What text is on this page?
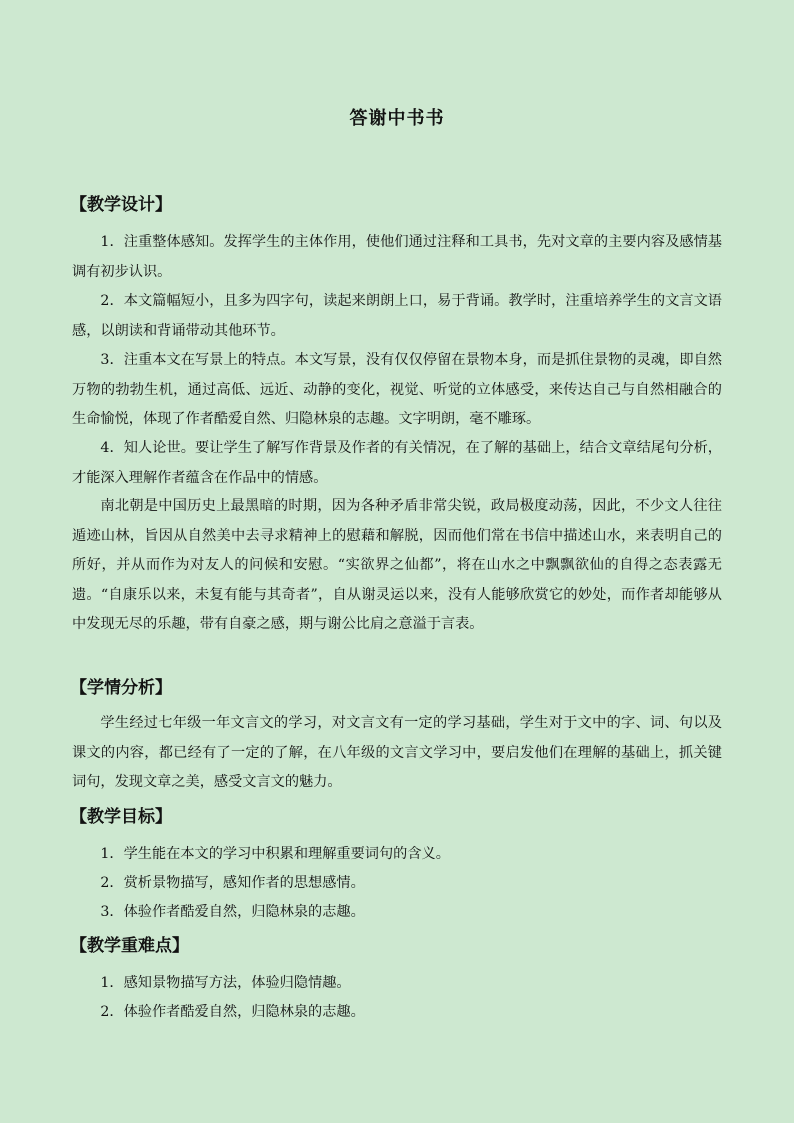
答谢中书书
【教学设计】

1．注重整体感知。发挥学生的主体作用，使他们通过注释和工具书，先对文章的主要内容及感情基调有初步认识。

2．本文篇幅短小，且多为四字句，读起来朗朗上口，易于背诵。教学时，注重培养学生的文言文语感，以朗读和背诵带动其他环节。

3．注重本文在写景上的特点。本文写景，没有仅仅停留在景物本身，而是抓住景物的灵魂，即自然万物的勃勃生机，通过高低、远近、动静的变化，视觉、听觉的立体感受，来传达自己与自然相融合的生命愉悦，体现了作者酷爱自然、归隐林泉的志趣。文字明朗，毫不雕琢。

4．知人论世。要让学生了解写作背景及作者的有关情况，在了解的基础上，结合文章结尾句分析，才能深入理解作者蕴含在作品中的情感。

南北朝是中国历史上最黑暗的时期，因为各种矛盾非常尖锐，政局极度动荡，因此，不少文人往往遁迹山林，旨因从自然美中去寻求精神上的慰藉和解脱，因而他们常在书信中描述山水，来表明自己的所好，并从而作为对友人的问候和安慰。“实欲界之仙都”，将在山水之中飘飘欲仙的自得之态表露无遗。“自康乐以来，未复有能与其奇者”，自从谢灵运以来，没有人能够欣赏它的妙处，而作者却能够从中发现无尽的乐趣，带有自豪之感，期与谢公比肩之意溢于言表。

【学情分析】

学生经过七年级一年文言文的学习，对文言文有一定的学习基础，学生对于文中的字、词、句以及课文的内容，都已经有了一定的了解，在八年级的文言文学习中，要启发他们在理解的基础上，抓关键词句，发现文章之美，感受文言文的魅力。

【教学目标】

1．学生能在本文的学习中积累和理解重要词句的含义。

2．赏析景物描写，感知作者的思想感情。

3．体验作者酷爱自然，归隐林泉的志趣。

【教学重难点】

1．感知景物描写方法，体验归隐情趣。

2．体验作者酷爱自然，归隐林泉的志趣。
